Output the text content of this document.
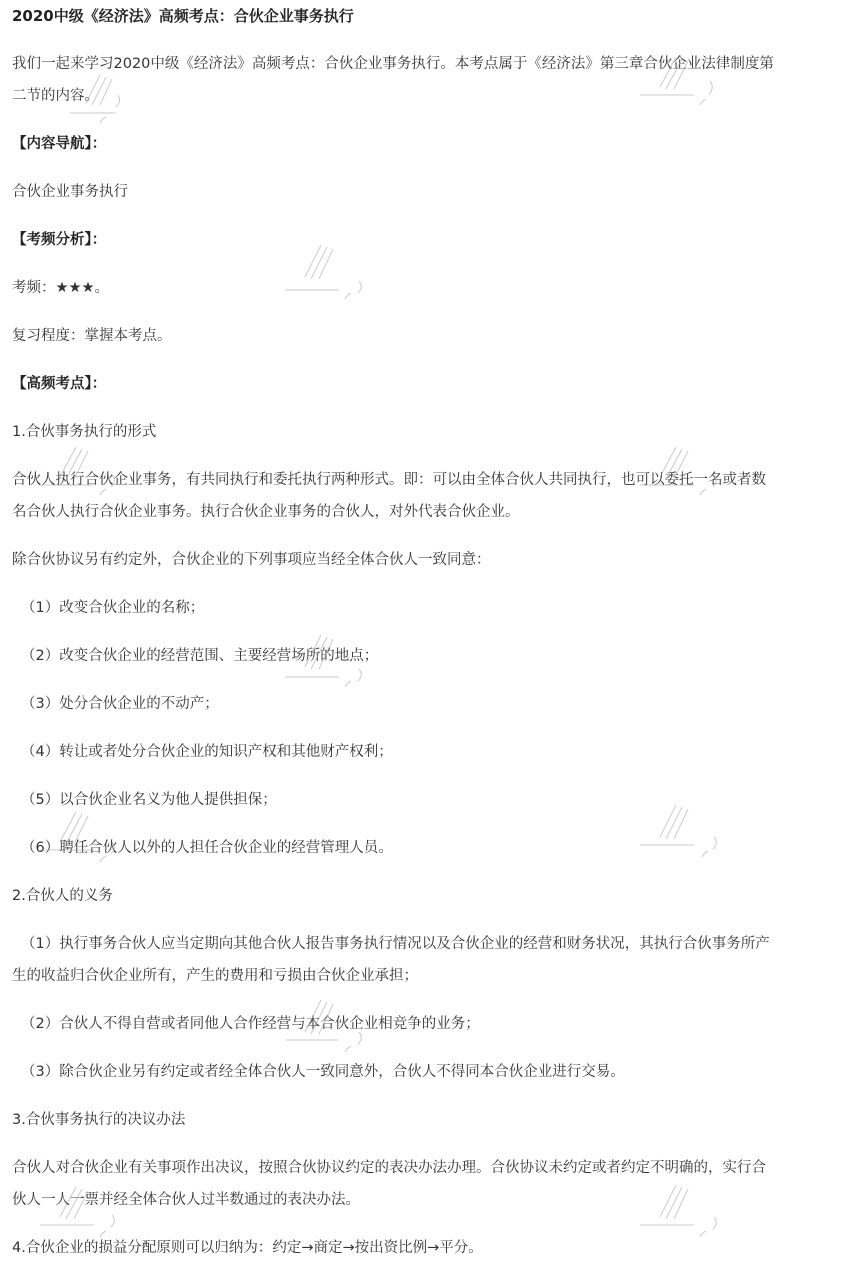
2020中级《经济法》高频考点：合伙企业事务执行

我们一起来学习2020中级《经济法》高频考点：合伙企业事务执行。本考点属于《经济法》第三章合伙企业法律制度第

二节的内容。

【内容导航】：

合伙企业事务执行

【考频分析】：

考频：★★★。

复习程度：掌握本考点。

【高频考点】：

1.合伙事务执行的形式

合伙人执行合伙企业事务，有共同执行和委托执行两种形式。即：可以由全体合伙人共同执行，也可以委托一名或者数

名合伙人执行合伙企业事务。执行合伙企业事务的合伙人，对外代表合伙企业。

除合伙协议另有约定外，合伙企业的下列事项应当经全体合伙人一致同意：

（1）改变合伙企业的名称；

（2）改变合伙企业的经营范围、主要经营场所的地点；

（3）处分合伙企业的不动产；

（4）转让或者处分合伙企业的知识产权和其他财产权利；

（5）以合伙企业名义为他人提供担保；

（6）聘任合伙人以外的人担任合伙企业的经营管理人员。

2.合伙人的义务

（1）执行事务合伙人应当定期向其他合伙人报告事务执行情况以及合伙企业的经营和财务状况，其执行合伙事务所产

生的收益归合伙企业所有，产生的费用和亏损由合伙企业承担；

（2）合伙人不得自营或者同他人合作经营与本合伙企业相竞争的业务；

（3）除合伙企业另有约定或者经全体合伙人一致同意外，合伙人不得同本合伙企业进行交易。

3.合伙事务执行的决议办法

合伙人对合伙企业有关事项作出决议，按照合伙协议约定的表决办法办理。合伙协议未约定或者约定不明确的，实行合

伙人一人一票并经全体合伙人过半数通过的表决办法。

4.合伙企业的损益分配原则可以归纳为：约定→商定→按出资比例→平分。
